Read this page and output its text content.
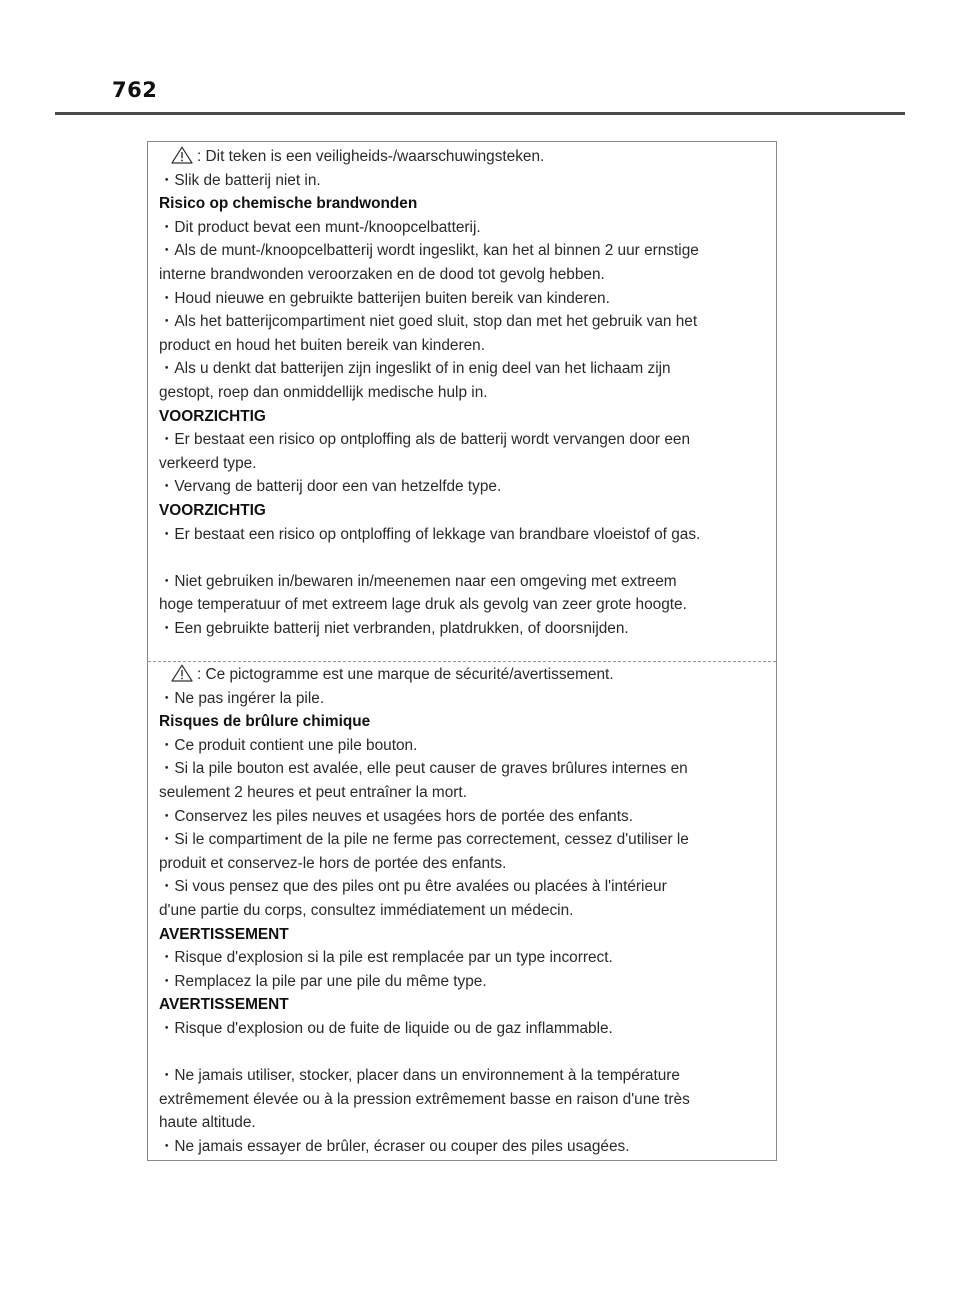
762
: Dit teken is een veiligheids-/waarschuwingsteken.
・Slik de batterij niet in.
Risico op chemische brandwonden
・Dit product bevat een munt-/knoopcelbatterij.
・Als de munt-/knoopcelbatterij wordt ingeslikt, kan het al binnen 2 uur ernstige
interne brandwonden veroorzaken en de dood tot gevolg hebben.
・Houd nieuwe en gebruikte batterijen buiten bereik van kinderen.
・Als het batterijcompartiment niet goed sluit, stop dan met het gebruik van het
product en houd het buiten bereik van kinderen.
・Als u denkt dat batterijen zijn ingeslikt of in enig deel van het lichaam zijn
gestopt, roep dan onmiddellijk medische hulp in.
VOORZICHTIG
・Er bestaat een risico op ontploffing als de batterij wordt vervangen door een
verkeerd type.
・Vervang de batterij door een van hetzelfde type.
VOORZICHTIG
・Er bestaat een risico op ontploffing of lekkage van brandbare vloeistof of gas.
・Niet gebruiken in/bewaren in/meenemen naar een omgeving met extreem
hoge temperatuur of met extreem lage druk als gevolg van zeer grote hoogte.
・Een gebruikte batterij niet verbranden, platdrukken, of doorsnijden.
: Ce pictogramme est une marque de sécurité/avertissement.
・Ne pas ingérer la pile.
Risques de brûlure chimique
・Ce produit contient une pile bouton.
・Si la pile bouton est avalée, elle peut causer de graves brûlures internes en
seulement 2 heures et peut entraîner la mort.
・Conservez les piles neuves et usagées hors de portée des enfants.
・Si le compartiment de la pile ne ferme pas correctement, cessez d'utiliser le
produit et conservez-le hors de portée des enfants.
・Si vous pensez que des piles ont pu être avalées ou placées à l'intérieur
d'une partie du corps, consultez immédiatement un médecin.
AVERTISSEMENT
・Risque d'explosion si la pile est remplacée par un type incorrect.
・Remplacez la pile par une pile du même type.
AVERTISSEMENT
・Risque d'explosion ou de fuite de liquide ou de gaz inflammable.
・Ne jamais utiliser, stocker, placer dans un environnement à la température
extrêmement élevée ou à la pression extrêmement basse en raison d'une très
haute altitude.
・Ne jamais essayer de brûler, écraser ou couper des piles usagées.
